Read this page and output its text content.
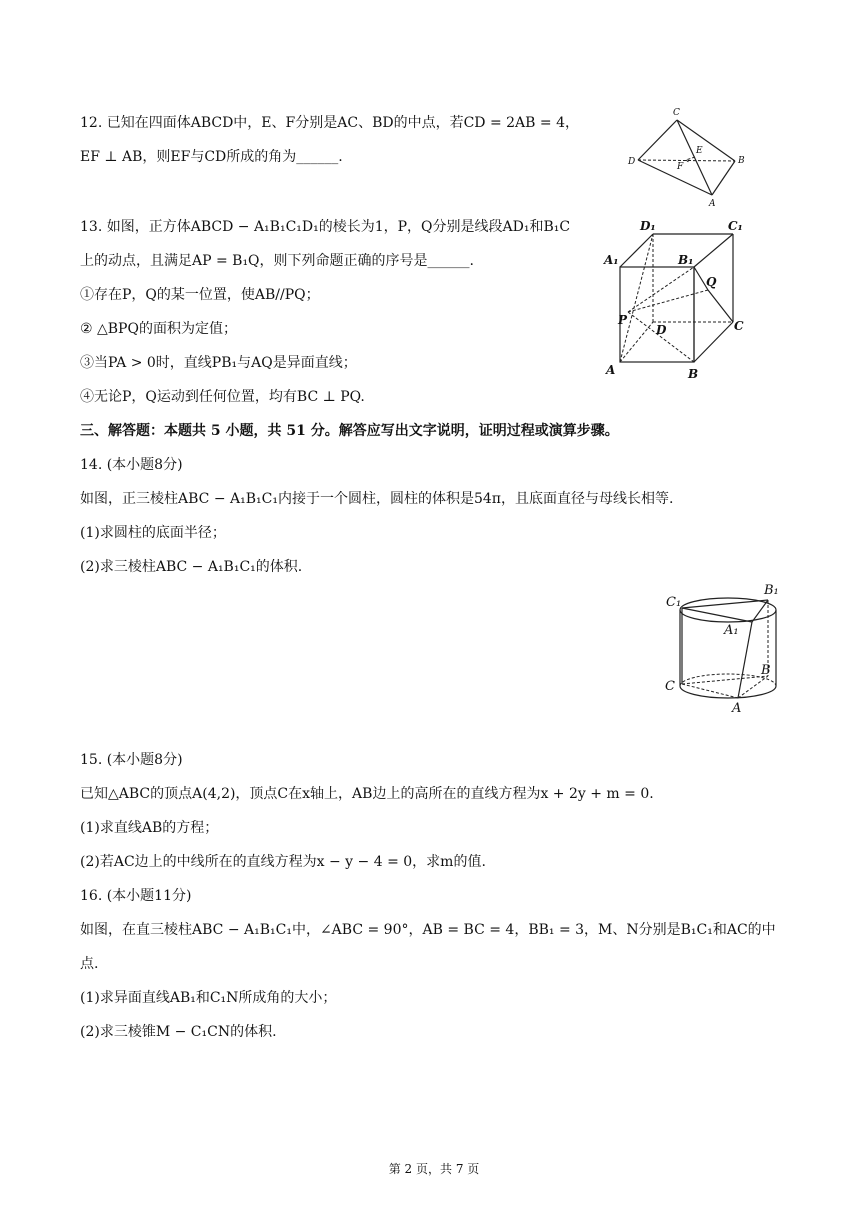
12. 已知在四面体ABCD中，E、F分别是AC、BD的中点，若CD = 2AB = 4，
EF ⊥ AB，则EF与CD所成的角为______.
C
D
E
F
B
A
13. 如图，正方体ABCD − A₁B₁C₁D₁的棱长为1，P，Q分别是线段AD₁和B₁C
上的动点，且满足AP = B₁Q，则下列命题正确的序号是______.
①存在P，Q的某一位置，使AB//PQ；
② △BPQ的面积为定值；
③当PA > 0时，直线PB₁与AQ是异面直线；
④无论P，Q运动到任何位置，均有BC ⊥ PQ.
D₁	C₁
A₁	B₁
Q
P
D	C
A	B
三、解答题：本题共 5 小题，共 51 分。解答应写出文字说明，证明过程或演算步骤。
14. (本小题8分)
如图，正三棱柱ABC − A₁B₁C₁内接于一个圆柱，圆柱的体积是54π，且底面直径与母线长相等.
(1)求圆柱的底面半径；
(2)求三棱柱ABC − A₁B₁C₁的体积.
C₁
B₁
A₁
B
C
A
15. (本小题8分)
已知△ABC的顶点A(4,2)，顶点C在x轴上，AB边上的高所在的直线方程为x + 2y + m = 0.
(1)求直线AB的方程；
(2)若AC边上的中线所在的直线方程为x − y − 4 = 0，求m的值.
16. (本小题11分)
如图，在直三棱柱ABC − A₁B₁C₁中，∠ABC = 90°，AB = BC = 4，BB₁ = 3，M、N分别是B₁C₁和AC的中
点.
(1)求异面直线AB₁和C₁N所成角的大小；
(2)求三棱锥M − C₁CN的体积.
第 2 页，共 7 页
